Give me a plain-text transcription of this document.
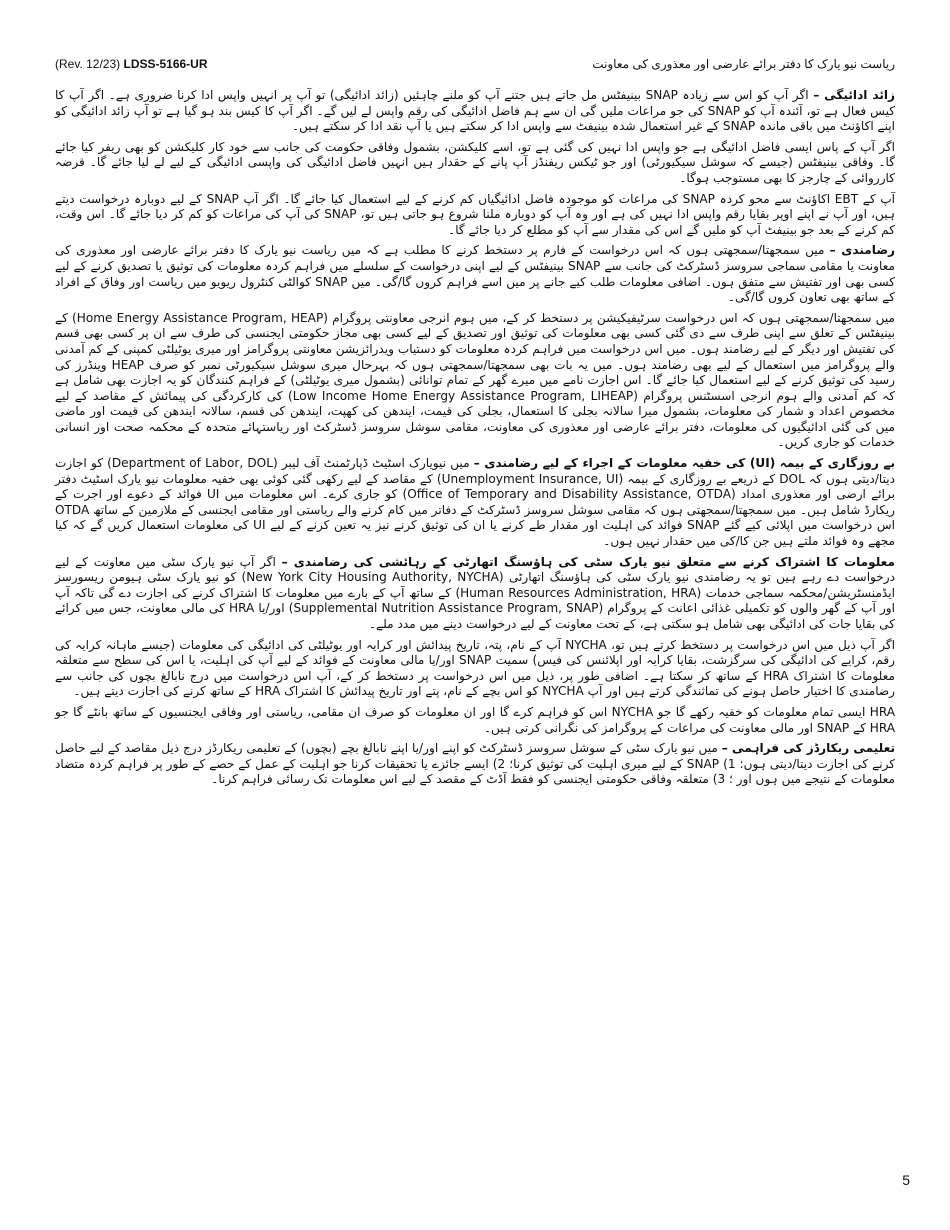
(Rev. 12/23) LDSS-5166-UR	ریاست نیو یارک کا دفتر برائے عارضی اور معذوری کی معاونت

زائد ادائیگی – اگر آپ کو اس سے زیادہ SNAP بینیفٹس مل جاتے ہیں جتنے آپ کو ملنے چاہئیں (زائد ادائیگی) تو آپ پر انہیں واپس ادا کرنا ضروری ہے۔ اگر آپ کا کیس فعال ہے تو، آئندہ آپ کو SNAP کی جو مراعات ملیں گی ان سے ہم فاضل ادائیگی کی رقم واپس لے لیں گے۔ اگر آپ کا کیس بند ہو گیا ہے تو آپ زائد ادائیگی کو اپنے اکاؤنٹ میں باقی ماندہ SNAP کے غیر استعمال شدہ بینیفٹ سے واپس ادا کر سکتے ہیں یا آپ نقد ادا کر سکتے ہیں۔

اگر آپ کے پاس ایسی فاضل ادائیگی ہے جو واپس ادا نہیں کی گئی ہے تو، اسے کلیکشن، بشمول وفاقی حکومت کی جانب سے خود کار کلیکشن کو بھی ریفر کیا جائے گا۔ وفاقی بینیفٹس (جیسے کہ سوشل سیکیورٹی) اور جو ٹیکس ریفنڈز آپ پانے کے حقدار ہیں انہیں فاضل ادائیگی کی واپسی ادائیگی کے لیے لے لیا جائے گا۔ قرضہ کارروائی کے چارجز کا بھی مستوجب ہوگا۔

آپ کے EBT اکاؤنٹ سے محو کردہ SNAP کی مراعات کو موجودہ فاضل ادائیگیاں کم کرنے کے لیے استعمال کیا جائے گا۔ اگر آپ SNAP کے لیے دوبارہ درخواست دیتے ہیں، اور آپ نے اپنے اوپر بقایا رقم واپس ادا نہیں کی ہے اور وہ آپ کو دوبارہ ملنا شروع ہو جاتی ہیں تو، SNAP کی آپ کی مراعات کو کم کر دیا جائے گا۔ اس وقت، کم کرنے کے بعد جو بینیفٹ آپ کو ملیں گے اس کی مقدار سے آپ کو مطلع کر دیا جائے گا۔

رضامندی – میں سمجھتا/سمجھتی ہوں کہ اس درخواست کے فارم پر دستخط کرنے کا مطلب ہے کہ میں ریاست نیو یارک کا دفتر برائے عارضی اور معذوری کی معاونت یا مقامی سماجی سروسز ڈسٹرکٹ کی جانب سے SNAP بینیفٹس کے لیے اپنی درخواست کے سلسلے میں فراہم کردہ معلومات کی توثیق یا تصدیق کرنے کے لیے کسی بھی اور تفتیش سے متفق ہوں۔ اضافی معلومات طلب کیے جانے پر میں اسے فراہم کروں گا/گی۔ میں SNAP کوالٹی کنٹرول ریویو میں ریاست اور وفاق کے افراد کے ساتھ بھی تعاون کروں گا/گی۔

میں سمجھتا/سمجھتی ہوں کہ اس درخواست سرٹیفیکیشن پر دستخط کر کے، میں ہوم انرجی معاونتی پروگرام (Home Energy Assistance Program, HEAP) کے بینیفٹس کے تعلق سے اپنی طرف سے دی گئی کسی بھی معلومات کی توثیق اور تصدیق کے لیے کسی بھی مجاز حکومتی ایجنسی کی طرف سے ان پر کسی بھی قسم کی تفتیش اور دیگر کے لیے رضامند ہوں۔ میں اس درخواست میں فراہم کردہ معلومات کو دستیاب ویدرائزیشن معاونتی پروگرامز اور میری یوٹیلٹی کمپنی کے کم آمدنی والے پروگرامز میں استعمال کے لیے بھی رضامند ہوں۔ میں یہ بات بھی سمجھتا/سمجھتی ہوں کہ بہرحال میری سوشل سیکیورٹی نمبر کو صرف HEAP وینڈرز کی رسید کی توثیق کرنے کے لیے استعمال کیا جائے گا۔ اس اجازت نامے میں میرے گھر کے تمام توانائی (بشمول میری یوٹیلٹی) کے فراہم کنندگان کو یہ اجازت بھی شامل ہے کہ کم آمدنی والے ہوم انرجی اسسٹنس پروگرام (Low Income Home Energy Assistance Program, LIHEAP) کی کارکردگی کی پیمائش کے مقاصد کے لیے مخصوص اعداد و شمار کی معلومات، بشمول میرا سالانہ بجلی کا استعمال، بجلی کی قیمت، ایندھن کی کھپت، ایندھن کی قسم، سالانہ ایندھن کی قیمت اور ماضی میں کی گئی ادائیگیوں کی معلومات، دفتر برائے عارضی اور معذوری کی معاونت، مقامی سوشل سروسز ڈسٹرکٹ اور ریاستہائے متحدہ کے محکمہ صحت اور انسانی خدمات کو جاری کریں۔

بے روزگاری کے بیمہ (UI) کی خفیہ معلومات کے اجراء کے لیے رضامندی – میں نیویارک اسٹیٹ ڈپارٹمنٹ آف لیبر (Department of Labor, DOL) کو اجازت دیتا/دیتی ہوں کہ DOL کے ذریعے بے روزگاری کے بیمہ (Unemployment Insurance, UI) کے مقاصد کے لیے رکھی گئی کوئی بھی خفیہ معلومات نیو یارک اسٹیٹ دفتر برائے ارضی اور معذوری امداد (Office of Temporary and Disability Assistance, OTDA) کو جاری کرے۔ اس معلومات میں UI فوائد کے دعوے اور اجرت کے ریکارڈ شامل ہیں۔ میں سمجھتا/سمجھتی ہوں کہ مقامی سوشل سروسز ڈسٹرکٹ کے دفاتر میں کام کرنے والے ریاستی اور مقامی ایجنسی کے ملازمین کے ساتھ OTDA اس درخواست میں اپلائی کیے گئے SNAP فوائد کی اہلیت اور مقدار طے کرنے یا ان کی توثیق کرنے نیز یہ تعین کرنے کے لیے UI کی معلومات استعمال کریں گے کہ کیا مجھے وہ فوائد ملتے ہیں جن کا/کی میں حقدار نہیں ہوں۔

معلومات کا اشتراک کرنے سے متعلق نیو یارک سٹی کی ہاؤسنگ اتھارٹی کے رہائشی کی رضامندی – اگر آپ نیو یارک سٹی میں معاونت کے لیے درخواست دے رہے ہیں تو یہ رضامندی نیو یارک سٹی کی ہاؤسنگ اتھارٹی (New York City Housing Authority, NYCHA) کو نیو یارک سٹی ہیومن ریسورسز ایڈمنسٹریشن/محکمہ سماجی خدمات (Human Resources Administration, HRA) کے ساتھ آپ کے بارے میں معلومات کا اشتراک کرنے کی اجازت دے گی تاکہ آپ اور آپ کے گھر والوں کو تکمیلی غذائی اعانت کے پروگرام (Supplemental Nutrition Assistance Program, SNAP) اور/یا HRA کی مالی معاونت، جس میں کرائے کی بقایا جات کی ادائیگی بھی شامل ہو سکتی ہے، کے تحت معاونت کے لیے درخواست دینے میں مدد ملے۔

اگر آپ ذیل میں اس درخواست پر دستخط کرتے ہیں تو، NYCHA آپ کے نام، پتہ، تاریخ پیدائش اور کرایہ اور یوٹیلٹی کی ادائیگی کی معلومات (جیسے ماہانہ کرایہ کی رقم، کرایے کی ادائیگی کی سرگزشت، بقایا کرایہ اور اپلائنس کی فیس) سمیت SNAP اور/یا مالی معاونت کے فوائد کے لیے آپ کی اہلیت، یا اس کی سطح سے متعلقہ معلومات کا اشتراک HRA کے ساتھ کر سکتا ہے۔ اضافی طور پر، ذیل میں اس درخواست پر دستخط کر کے، آپ اس درخواست میں درج نابالغ بچوں کی جانب سے رضامندی کا اختیار حاصل ہونے کی تماثندگی کرتے ہیں اور آپ NYCHA کو اس بچے کے نام، پتے اور تاریخ پیدائش کا اشتراک HRA کے ساتھ کرنے کی اجازت دیتے ہیں۔

HRA ایسی تمام معلومات کو خفیہ رکھے گا جو NYCHA اس کو فراہم کرے گا اور ان معلومات کو صرف ان مقامی، ریاستی اور وفاقی ایجنسیوں کے ساتھ بانٹے گا جو HRA کے SNAP اور مالی معاونت کی مراعات کے پروگرامز کی نگرانی کرتی ہیں۔

تعلیمی ریکارڈز کی فراہمی – میں نیو یارک سٹی کے سوشل سروسز ڈسٹرکٹ کو اپنے اور/یا اپنے نابالغ بچے (بچوں) کے تعلیمی ریکارڈز درج ذیل مقاصد کے لیے حاصل کرنے کی اجازت دیتا/دیتی ہوں: 1) SNAP کے لیے میری اہلیت کی توثیق کرنا؛ 2) ایسے جائزے یا تحقیقات کرنا جو اہلیت کے عمل کے حصے کے طور پر فراہم کردہ متضاد معلومات کے نتیجے میں ہوں اور ؛ 3) متعلقہ وفاقی حکومتی ایجنسی کو فقط آڈٹ کے مقصد کے لیے اس معلومات تک رسائی فراہم کرنا۔

5
